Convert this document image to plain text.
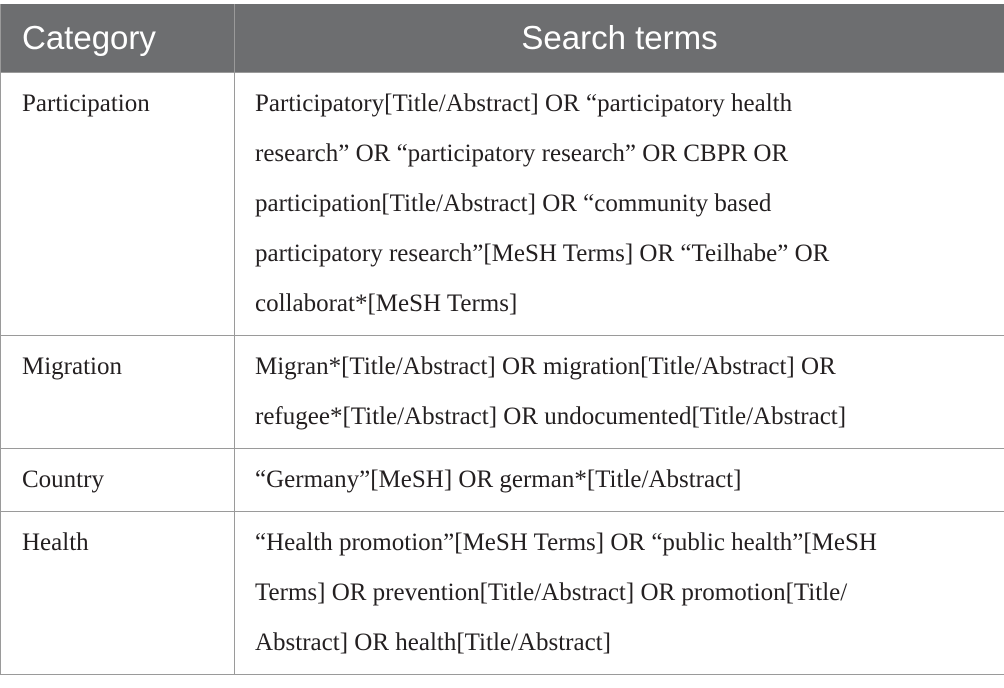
Category	Search terms
Participation	Participatory[Title/Abstract] OR “participatory health
research” OR “participatory research” OR CBPR OR
participation[Title/Abstract] OR “community based
participatory research”[MeSH Terms] OR “Teilhabe” OR
collaborat*[MeSH Terms]

Migration	Migran*[Title/Abstract] OR migration[Title/Abstract] OR
refugee*[Title/Abstract] OR undocumented[Title/Abstract]

Country	“Germany”[MeSH] OR german*[Title/Abstract]

Health	“Health promotion”[MeSH Terms] OR “public health”[MeSH
Terms] OR prevention[Title/Abstract] OR promotion[Title/
Abstract] OR health[Title/Abstract]
